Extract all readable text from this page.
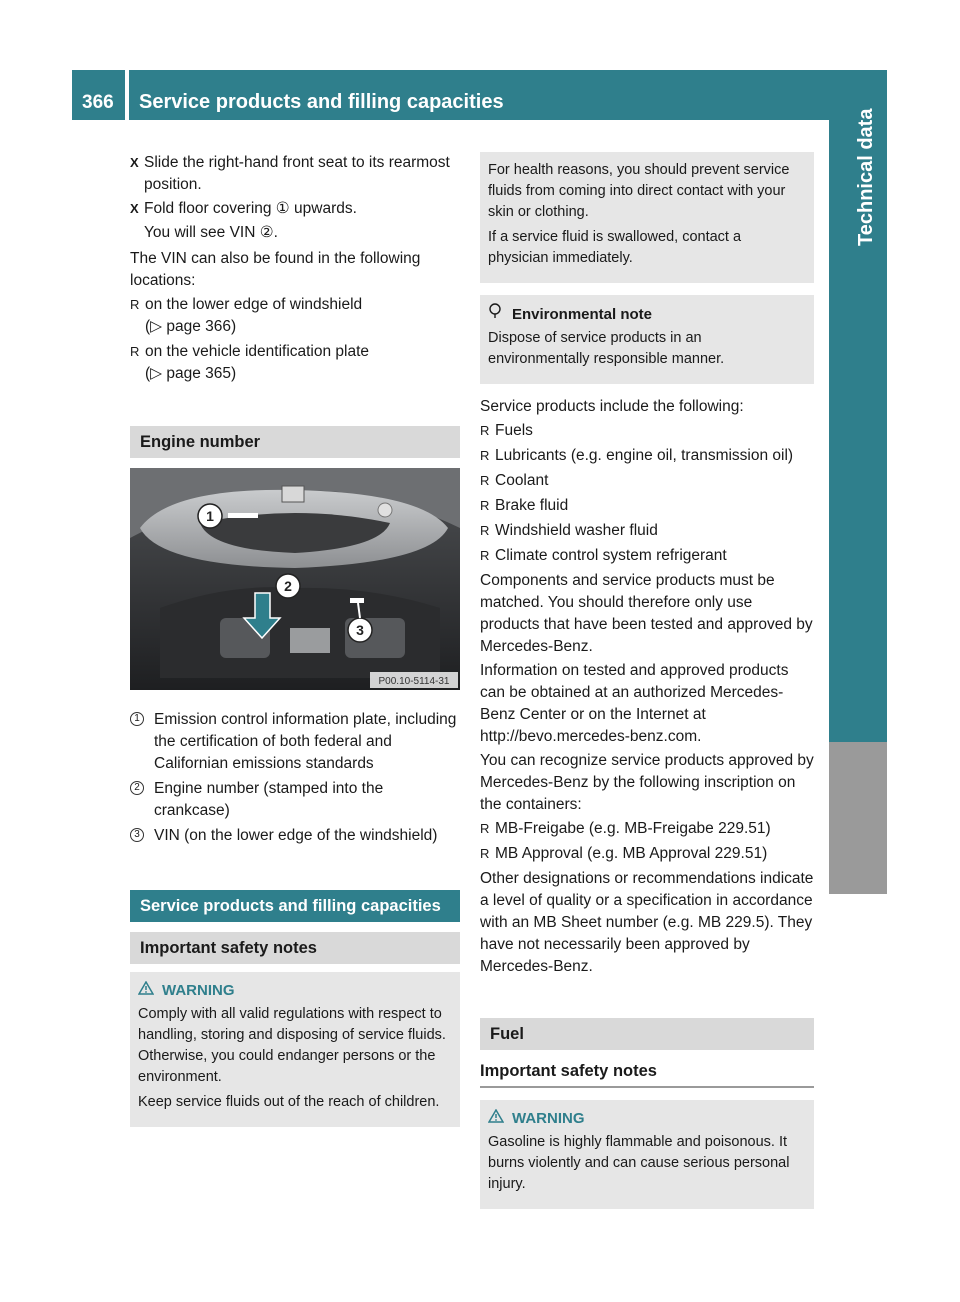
366	Service products and filling capacities
Technical data
X Slide the right-hand front seat to its rearmost position.
X Fold floor covering ① upwards.
You will see VIN ②.

The VIN can also be found in the following locations:

R on the lower edge of windshield
(▷ page 366)
R on the vehicle identification plate
(▷ page 365)
Engine number
1
2
3
P00.10-5114-31
1 Emission control information plate, including the certification of both federal and Californian emissions standards
2 Engine number (stamped into the crankcase)
3 VIN (on the lower edge of the windshield)
Service products and filling capacities
Important safety notes
WARNING

Comply with all valid regulations with respect to handling, storing and disposing of service fluids. Otherwise, you could endanger persons or the environment.

Keep service fluids out of the reach of children.

For health reasons, you should prevent service fluids from coming into direct contact with your skin or clothing.

If a service fluid is swallowed, contact a physician immediately.

Environmental note

Dispose of service products in an environmentally responsible manner.

Service products include the following:

R Fuels
R Lubricants (e.g. engine oil, transmission oil)
R Coolant
R Brake fluid
R Windshield washer fluid
R Climate control system refrigerant

Components and service products must be matched. You should therefore only use products that have been tested and approved by Mercedes-Benz.

Information on tested and approved products can be obtained at an authorized Mercedes-Benz Center or on the Internet at http://bevo.mercedes-benz.com.

You can recognize service products approved by Mercedes-Benz by the following inscription on the containers:

R MB-Freigabe (e.g. MB-Freigabe 229.51)
R MB Approval (e.g. MB Approval 229.51)

Other designations or recommendations indicate a level of quality or a specification in accordance with an MB Sheet number (e.g. MB 229.5). They have not necessarily been approved by Mercedes-Benz.

Fuel
Important safety notes
WARNING

Gasoline is highly flammable and poisonous. It burns violently and can cause serious personal injury.
